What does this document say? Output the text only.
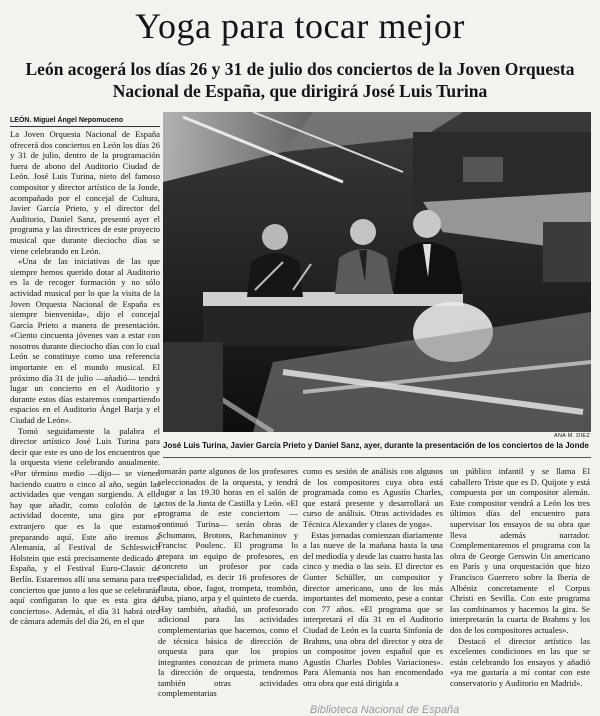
Yoga para tocar mejor
León acogerá los días 26 y 31 de julio dos conciertos de la Joven Orquesta Nacional de España, que dirigirá José Luis Turina
LEÓN. Miguel Ángel Nepomuceno

La Joven Orquesta Nacional de España ofrecerá dos conciertos en León los días 26 y 31 de julio, dentro de la programación fuera de abono del Auditorio Ciudad de León. José Luis Turina, nieto del famoso compositor y director artístico de la Jonde, acompañado por el concejal de Cultura, Javier García Prieto, y el director del Auditorio, Daniel Sanz, presentó ayer el programa y las directrices de este proyecto musical que durante dieciocho días se viene celebrando en León.

«Una de las iniciativas de las que siempre hemos querido dotar al Auditorio es la de recoger formación y no sólo actividad musical por lo que la visita de la Joven Orquesta Nacional de España es siempre bienvenida», dijo el concejal García Prieto a manera de presentación. «Ciento cincuenta jóvenes van a estar con nosotros durante dieciocho días con lo cual León se constituye como una referencia importante en el mundo musical. El próximo día 31 de julio —añadió— tendrá lugar un concierto en el Auditorio y durante estos días estaremos compartiendo espacios en el Auditorio Ángel Barja y el Ciudad de León».

Tomó seguidamente la palabra el director artístico José Luis Turina para decir que este es uno de los encuentros que la orquesta viene celebrando anualmente. «Por término medio —dijo— se vienen haciendo cuatro o cinco al año, según las actividades que vengan surgiendo. A ello hay que añadir, como colofón de la actividad docente, una gira por el extranjero que es la que estamos preparando aquí. Este año iremos a Alemania, al Festival de Schleswich Holstein que está precisamente dedicado a España, y el Festival Euro-Classic de Berlín. Estaremos allí una semana para tres conciertos que junto a los que se celebrarán aquí configuran lo que es esta gira de conciertos». Además, el día 31 habrá otro de cámara además del día 26, en el que

ANA M. DIEZ
José Luis Turina, Javier García Prieto y Daniel Sanz, ayer, durante la presentación de los conciertos de la Jonde

tomarán parte algunos de los profesores seleccionados de la orquesta, y tendrá lugar a las 19.30 horas en el salón de actos de la Junta de Castilla y León. «El programa de este conciertom —continuó Turina— serán obras de Schumann, Brotons, Rachmaninov y Francisc Poulenc. El programa lo prepara un equipo de profesores, en concreto un profesor por cada especialidad, es decir 16 profesores de flauta, oboe, fagot, trompeta, trombón, tuba, piano, arpa y el quinteto de cuerda. Hay también, añadió, un profesorado adicional para las actividades complementarias que hacemos, como el de técnica básica de dirección de orquesta para que los propios integrantes conozcan de primera mano la dirección de orquesta, tendremos también otras actividades complementarias

como es sesión de análisis con algunos de los compositores cuya obra está programada como es Agustín Charles, que estará presente y desarrollará un curso de análisis. Otras actividades es Técnica Alexander y clases de yoga».

Estas jornadas comienzan diariamente a las nueve de la mañana hasta la una del mediodía y desde las cuatro hasta las cinco y media o las seis. El director es Gunter Schüller, un compositor y director americano, uno de los más importantes del momento, pese a contar con 77 años. «El programa que se interpretará el día 31 en el Auditorio Ciudad de León es la cuarta Sinfonía de Brahms, una obra del director y otra de un compositor joven español que es Agustín Charles Dobles Variaciones». Para Alemania nos han encomendado otra obra que está dirigida a

un público infantil y se llama El caballero Triste que es D. Quijote y está compuesta por un compositor alemán. Este compositor vendrá a León los tres últimos días del encuentro para supervisar los ensayos de su obra que lleva además narrador. Complementaremos el programa con la obra de George Gerswin Un americano en París y una orquestación que hizo Francisco Guerrero sobre la Iberia de Albéniz concretamente el Corpus Christi en Sevilla. Con este programa las combinamos y hacemos la gira. Se interpretarán la cuarta de Brahms y los dos de los compositores actuales».

Destacó el director artístico las excelentes condiciones en las que se están celebrando los ensayos y añadió «ya me gustaría a mí contar con este conservatorio y Auditorio en Madrid».

Biblioteca Nacional de España
